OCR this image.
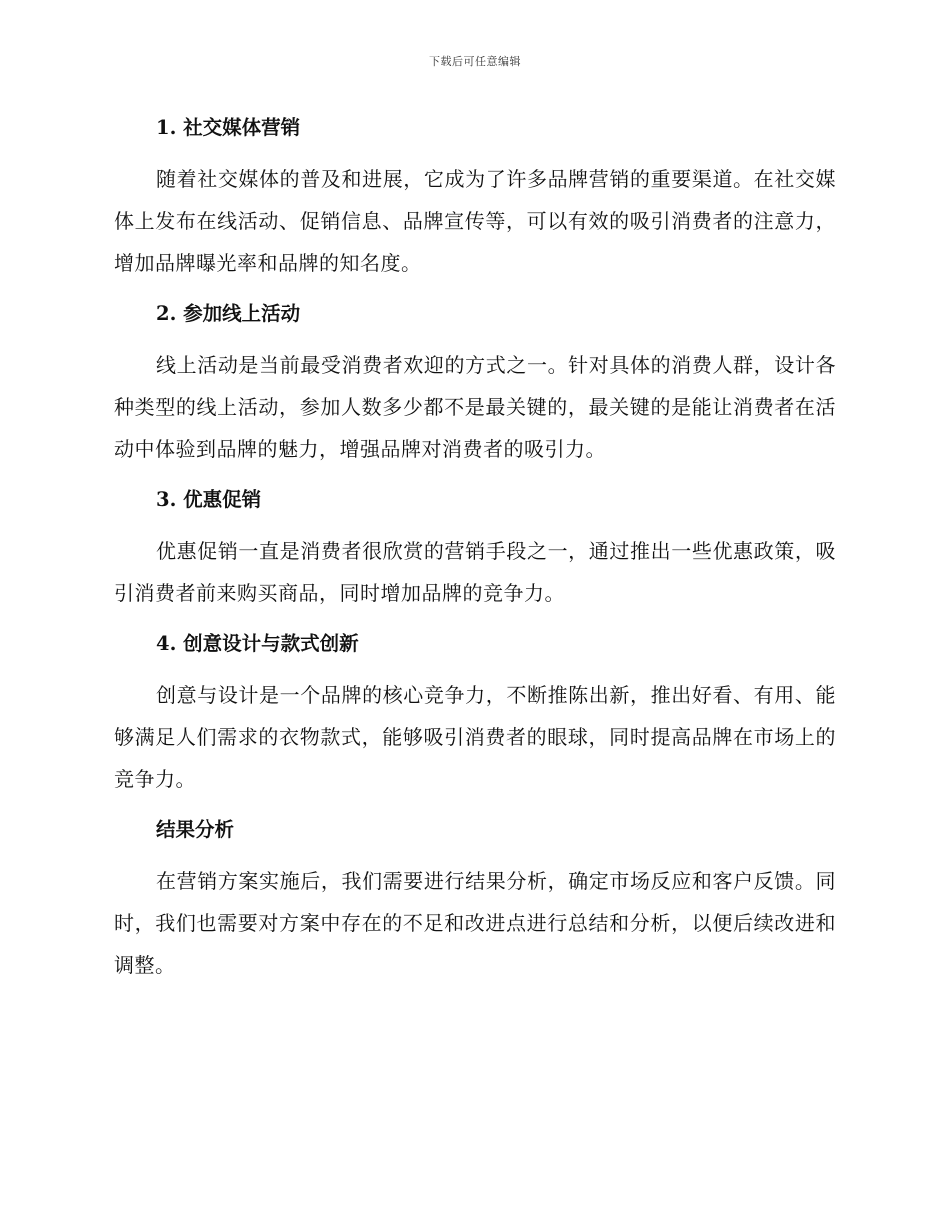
下载后可任意编辑
1. 社交媒体营销

随着社交媒体的普及和进展，它成为了许多品牌营销的重要渠道。在社交媒体上发布在线活动、促销信息、品牌宣传等，可以有效的吸引消费者的注意力，增加品牌曝光率和品牌的知名度。

2. 参加线上活动

线上活动是当前最受消费者欢迎的方式之一。针对具体的消费人群，设计各种类型的线上活动，参加人数多少都不是最关键的，最关键的是能让消费者在活动中体验到品牌的魅力，增强品牌对消费者的吸引力。

3. 优惠促销

优惠促销一直是消费者很欣赏的营销手段之一，通过推出一些优惠政策，吸引消费者前来购买商品，同时增加品牌的竞争力。

4. 创意设计与款式创新

创意与设计是一个品牌的核心竞争力，不断推陈出新，推出好看、有用、能够满足人们需求的衣物款式，能够吸引消费者的眼球，同时提高品牌在市场上的竞争力。

结果分析

在营销方案实施后，我们需要进行结果分析，确定市场反应和客户反馈。同时，我们也需要对方案中存在的不足和改进点进行总结和分析，以便后续改进和调整。
